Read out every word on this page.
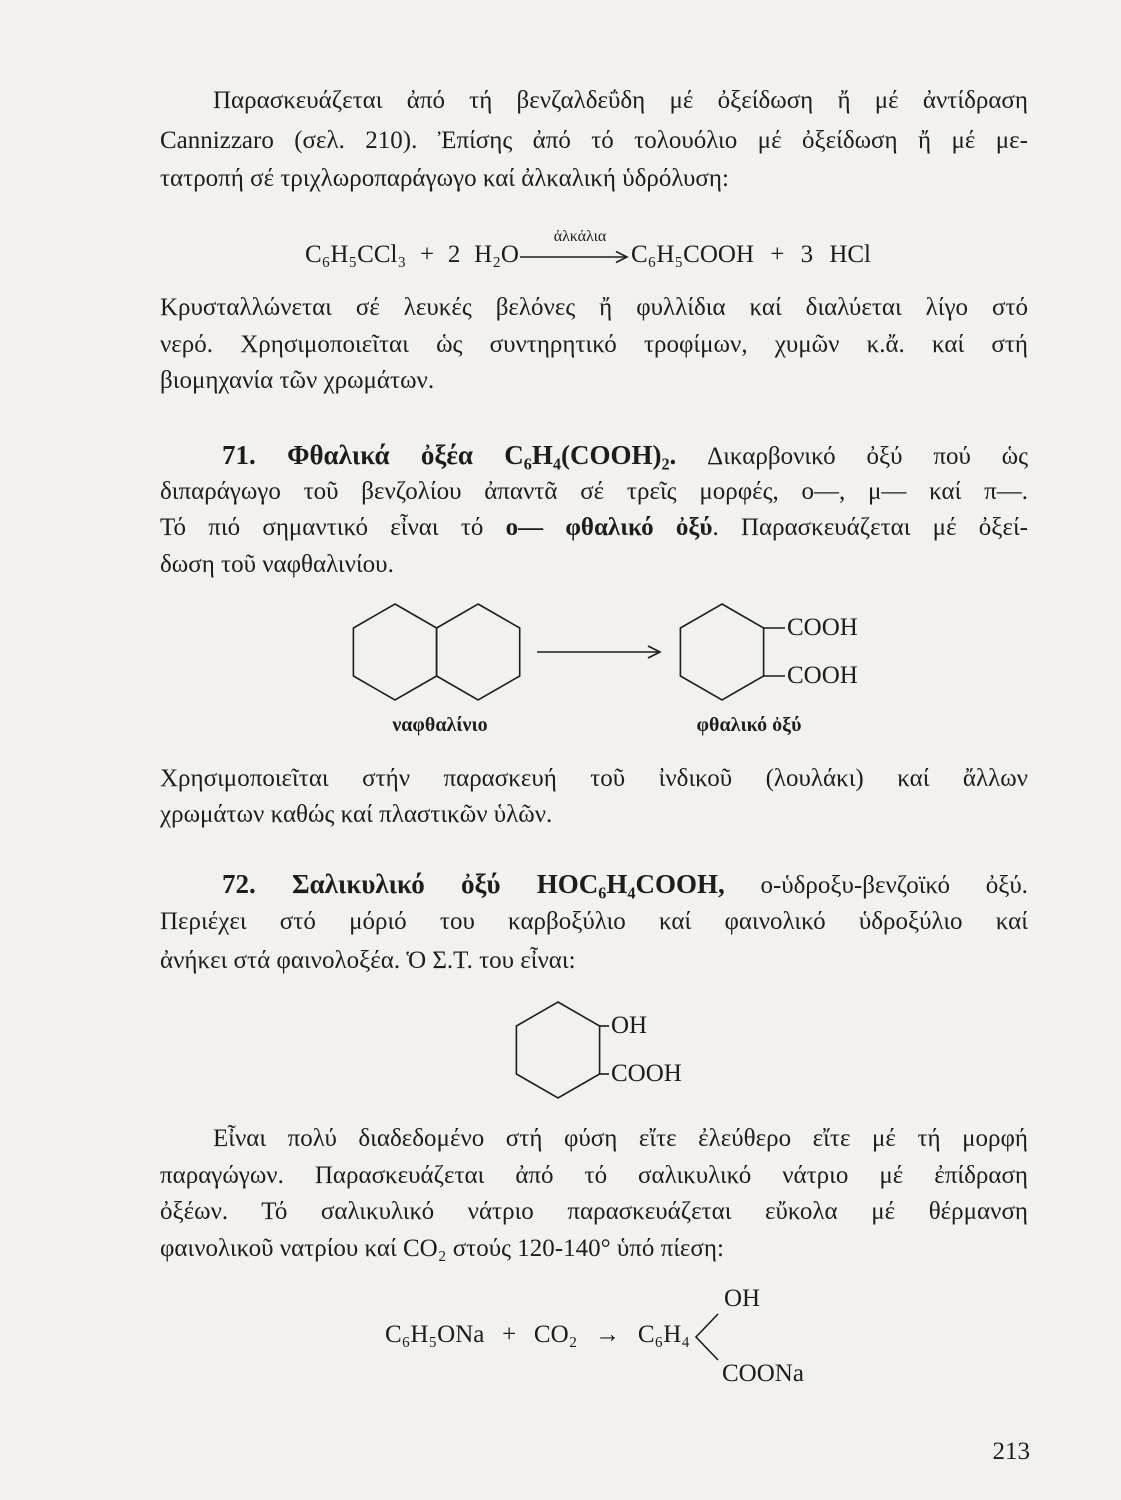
Παρασκευάζεται ἀπό τή βενζαλδεΰδη μέ ὀξείδωση ἤ μέ ἀντίδραση
Cannizzaro (σελ. 210). Ἐπίσης ἀπό τό τολουόλιο μέ ὀξείδωση ἤ μέ με-
τατροπή σέ τριχλωροπαράγωγο καί ἀλκαλική ὑδρόλυση:
C₆H₅CCl₃ + 2 H₂O
ἀλκάλια
C₆H₅COOH + 3 HCl
Κρυσταλλώνεται σέ λευκές βελόνες ἤ φυλλίδια καί διαλύεται λίγο στό
νερό. Χρησιμοποιεῖται ὡς συντηρητικό τροφίμων, χυμῶν κ.ἄ. καί στή
βιομηχανία τῶν χρωμάτων.
71. Φθαλικά ὀξέα C₆H₄(COOH)₂. Δικαρβονικό ὀξύ πού ὡς
διπαράγωγο τοῦ βενζολίου ἀπαντᾶ σέ τρεῖς μορφές, ο—, μ— καί π—.
Τό πιό σημαντικό εἶναι τό ο— φθαλικό ὀξύ. Παρασκευάζεται μέ ὀξεί-
δωση τοῦ ναφθαλινίου.
COOH
COOH
ναφθαλίνιο	φθαλικό ὀξύ
Χρησιμοποιεῖται στήν παρασκευή τοῦ ἰνδικοῦ (λουλάκι) καί ἄλλων
χρωμάτων καθώς καί πλαστικῶν ὑλῶν.
72. Σαλικυλικό ὀξύ HOC₆H₄COOH, ο-ὑδροξυ-βενζοϊκό ὀξύ.
Περιέχει στό μόριό του καρβοξύλιο καί φαινολικό ὑδροξύλιο καί
ἀνήκει στά φαινολοξέα. Ὁ Σ.Τ. του εἶναι:
OH
COOH
Εἶναι πολύ διαδεδομένο στή φύση εἴτε ἐλεύθερο εἴτε μέ τή μορφή
παραγώγων. Παρασκευάζεται ἀπό τό σαλικυλικό νάτριο μέ ἐπίδραση
ὀξέων. Τό σαλικυλικό νάτριο παρασκευάζεται εὔκολα μέ θέρμανση
φαινολικοῦ νατρίου καί CO₂ στούς 120-140° ὑπό πίεση:
C₆H₅ONa + CO₂ → C₆H₄
OH
COONa
213
